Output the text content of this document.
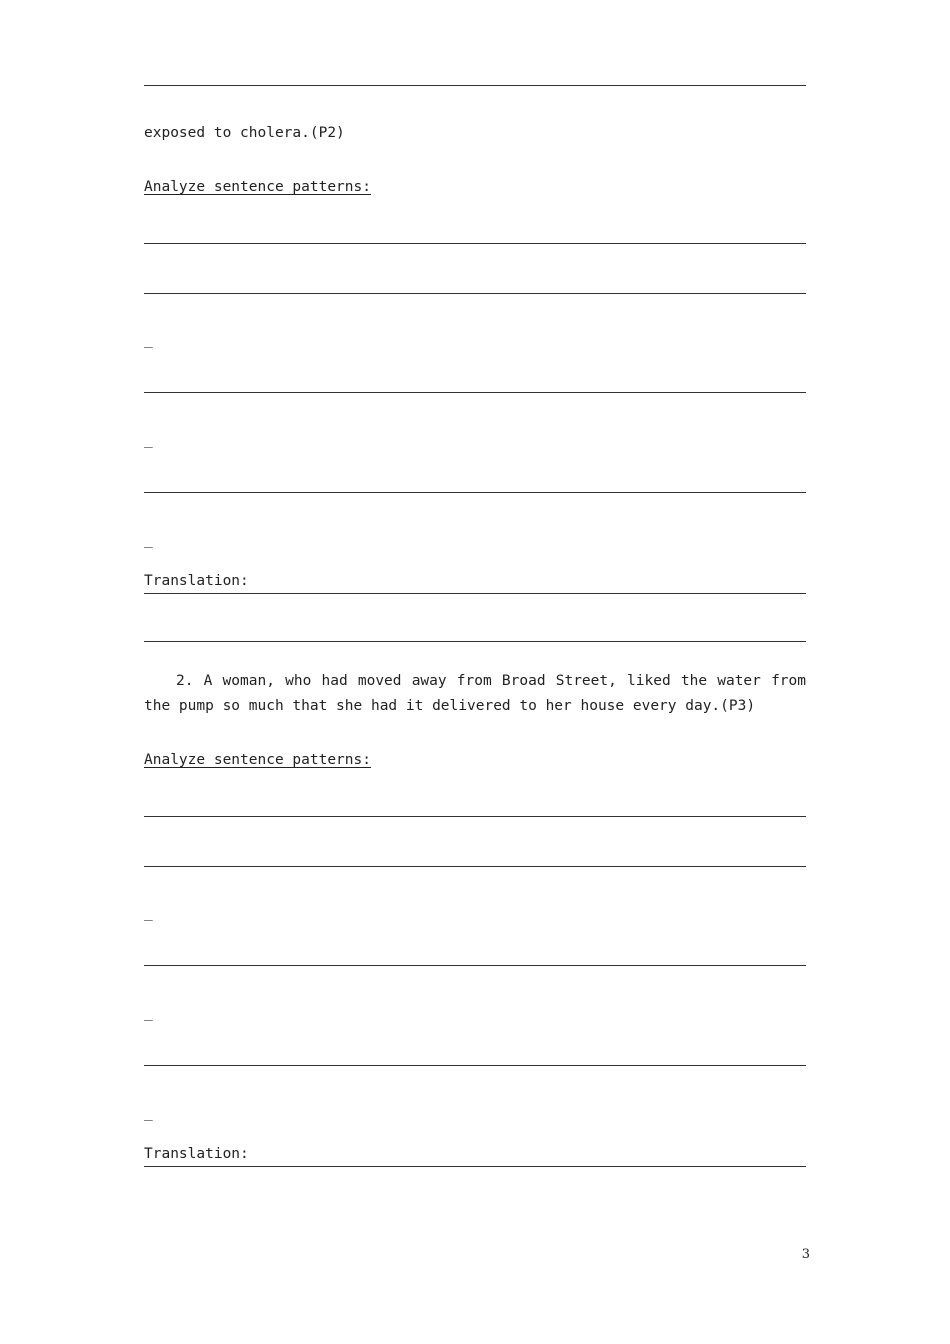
exposed to cholera.(P2)
Analyze sentence patterns:
_
_
_
Translation:
2. A woman, who had moved away from Broad Street, liked the water from the pump so much that she had it delivered to her house every day.(P3)
Analyze sentence patterns:
_
_
_
Translation:
3
